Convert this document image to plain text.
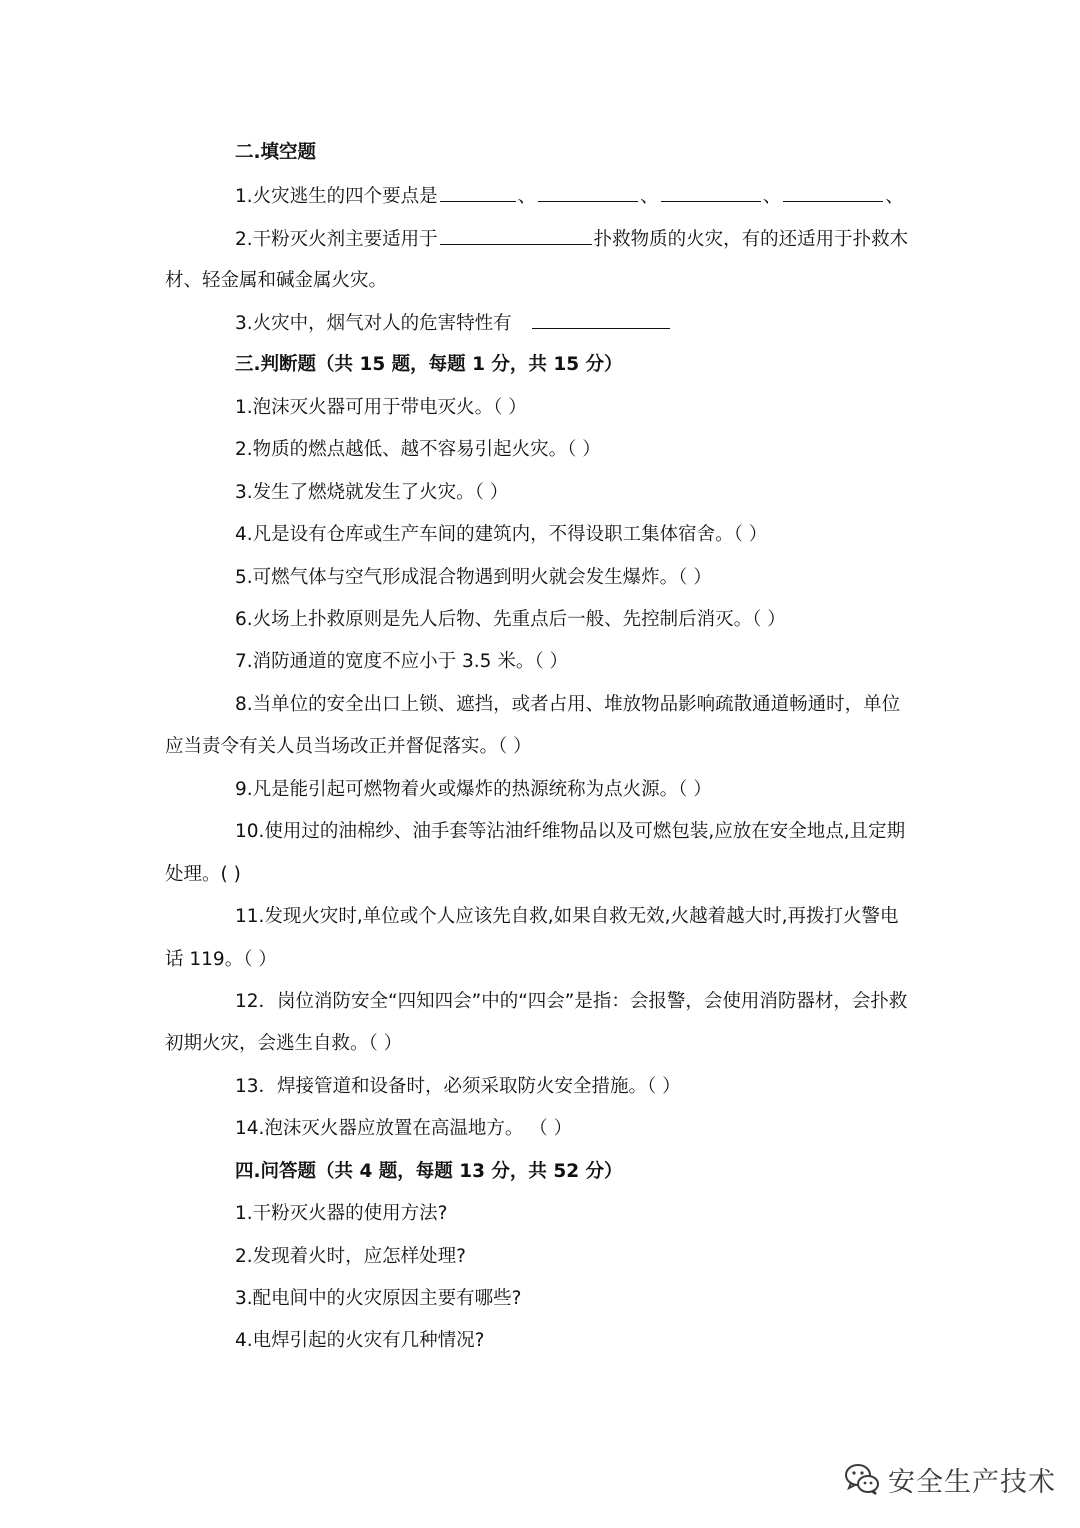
二.填空题
1.火灾逃生的四个要点是	、	、	、	、
2.干粉灭火剂主要适用于	扑救物质的火灾，有的还适用于扑救木
材、轻金属和碱金属火灾。
3.火灾中，烟气对人的危害特性有
三.判断题（共 15 题，每题 1 分，共 15 分）
1.泡沫灭火器可用于带电灭火。（ ）
2.物质的燃点越低、越不容易引起火灾。（ ）
3.发生了燃烧就发生了火灾。（ ）
4.凡是设有仓库或生产车间的建筑内，不得设职工集体宿舍。（ ）
5.可燃气体与空气形成混合物遇到明火就会发生爆炸。（ ）
6.火场上扑救原则是先人后物、先重点后一般、先控制后消灭。（ ）
7.消防通道的宽度不应小于 3.5 米。（ ）
8.当单位的安全出口上锁、遮挡，或者占用、堆放物品影响疏散通道畅通时，单位
应当责令有关人员当场改正并督促落实。（ ）
9.凡是能引起可燃物着火或爆炸的热源统称为点火源。（ ）
10.使用过的油棉纱、油手套等沾油纤维物品以及可燃包装,应放在安全地点,且定期
处理。( )
11.发现火灾时,单位或个人应该先自救,如果自救无效,火越着越大时,再拨打火警电
话 119。（ ）
12．岗位消防安全“四知四会”中的“四会”是指：会报警，会使用消防器材，会扑救
初期火灾，会逃生自救。（ ）
13．焊接管道和设备时，必须采取防火安全措施。（ ）
14.泡沫灭火器应放置在高温地方。 （ ）
四.问答题（共 4 题，每题 13 分，共 52 分）
1.干粉灭火器的使用方法?
2.发现着火时，应怎样处理?
3.配电间中的火灾原因主要有哪些?
4.电焊引起的火灾有几种情况?
安全生产技术
